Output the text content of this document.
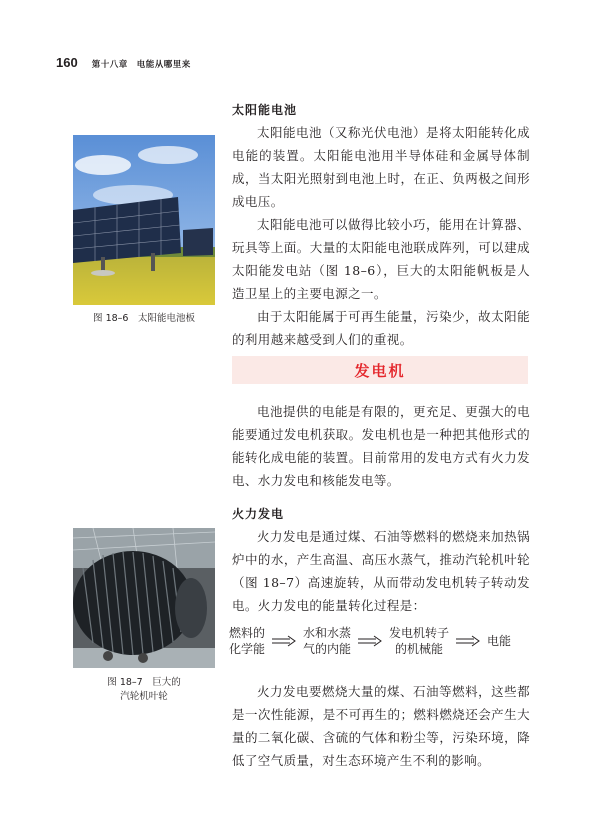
160 第十八章　电能从哪里来
图 18–6　太阳能电池板
太阳能电池

太阳能电池（又称光伏电池）是将太阳能转化成电能的装置。太阳能电池用半导体硅和金属导体制成，当太阳光照射到电池上时，在正、负两极之间形成电压。

太阳能电池可以做得比较小巧，能用在计算器、玩具等上面。大量的太阳能电池联成阵列，可以建成太阳能发电站（图 18–6），巨大的太阳能帆板是人造卫星上的主要电源之一。

由于太阳能属于可再生能量，污染少，故太阳能的利用越来越受到人们的重视。

发电机

电池提供的电能是有限的，更充足、更强大的电能要通过发电机获取。发电机也是一种把其他形式的能转化成电能的装置。目前常用的发电方式有火力发电、水力发电和核能发电等。

图 18–7　巨大的
汽轮机叶轮
火力发电

火力发电是通过煤、石油等燃料的燃烧来加热锅炉中的水，产生高温、高压水蒸气，推动汽轮机叶轮（图 18–7）高速旋转，从而带动发电机转子转动发电。火力发电的能量转化过程是：

燃料的
化学能
水和水蒸
气的内能
发电机转子
的机械能
电能

火力发电要燃烧大量的煤、石油等燃料，这些都是一次性能源，是不可再生的；燃料燃烧还会产生大量的二氧化碳、含硫的气体和粉尘等，污染环境，降低了空气质量，对生态环境产生不利的影响。
